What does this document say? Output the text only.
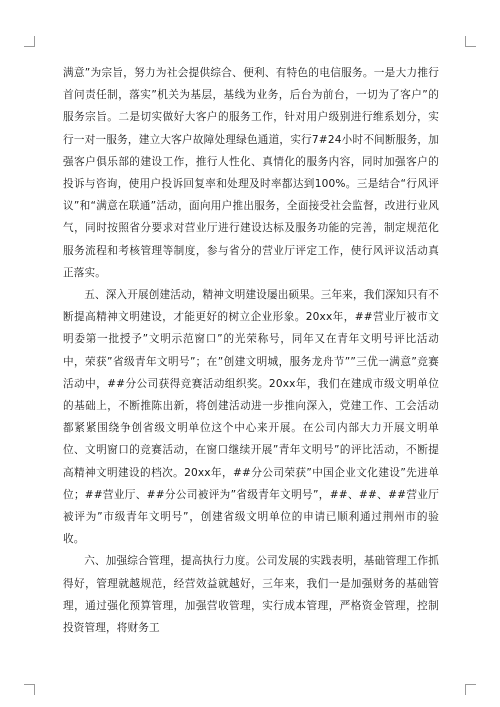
满意”为宗旨，努力为社会提供综合、便利、有特色的电信服务。一是大力推行首问责任制，落实”机关为基层，基线为业务，后台为前台，一切为了客户”的服务宗旨。二是切实做好大客户的服务工作，针对用户级别进行维系划分，实行一对一服务，建立大客户故障处理绿色通道，实行7#24小时不间断服务，加强客户俱乐部的建设工作，推行人性化、真情化的服务内容，同时加强客户的投诉与咨询，使用户投诉回复率和处理及时率都达到100%。三是结合“行风评议”和“满意在联通”活动，面向用户推出服务，全面接受社会监督，改进行业风气，同时按照省分要求对营业厅进行建设达标及服务功能的完善，制定规范化服务流程和考核管理等制度，参与省分的营业厅评定工作，使行风评议活动真正落实。

五、深入开展创建活动，精神文明建设屡出硕果。三年来，我们深知只有不断提高精神文明建设，才能更好的树立企业形象。20xx年，##营业厅被市文明委第一批授予”文明示范窗口”的光荣称号，同年又在青年文明号评比活动中，荣获”省级青年文明号”；在”创建文明城，服务龙舟节””三优一满意”竞赛活动中，##分公司获得竞赛活动组织奖。20xx年，我们在建成市级文明单位的基础上，不断推陈出新，将创建活动进一步推向深入，党建工作、工会活动都紧紧围绕争创省级文明单位这个中心来开展。在公司内部大力开展文明单位、文明窗口的竞赛活动，在窗口继续开展”青年文明号”的评比活动，不断提高精神文明建设的档次。20xx年，##分公司荣获”中国企业文化建设”先进单位；##营业厅、##分公司被评为”省级青年文明号”，##、##、##营业厅被评为”市级青年文明号”，创建省级文明单位的申请已顺利通过荆州市的验收。

六、加强综合管理，提高执行力度。公司发展的实践表明，基础管理工作抓得好，管理就越规范，经营效益就越好，三年来，我们一是加强财务的基础管理，通过强化预算管理，加强营收管理，实行成本管理，严格资金管理，控制投资管理，将财务工
